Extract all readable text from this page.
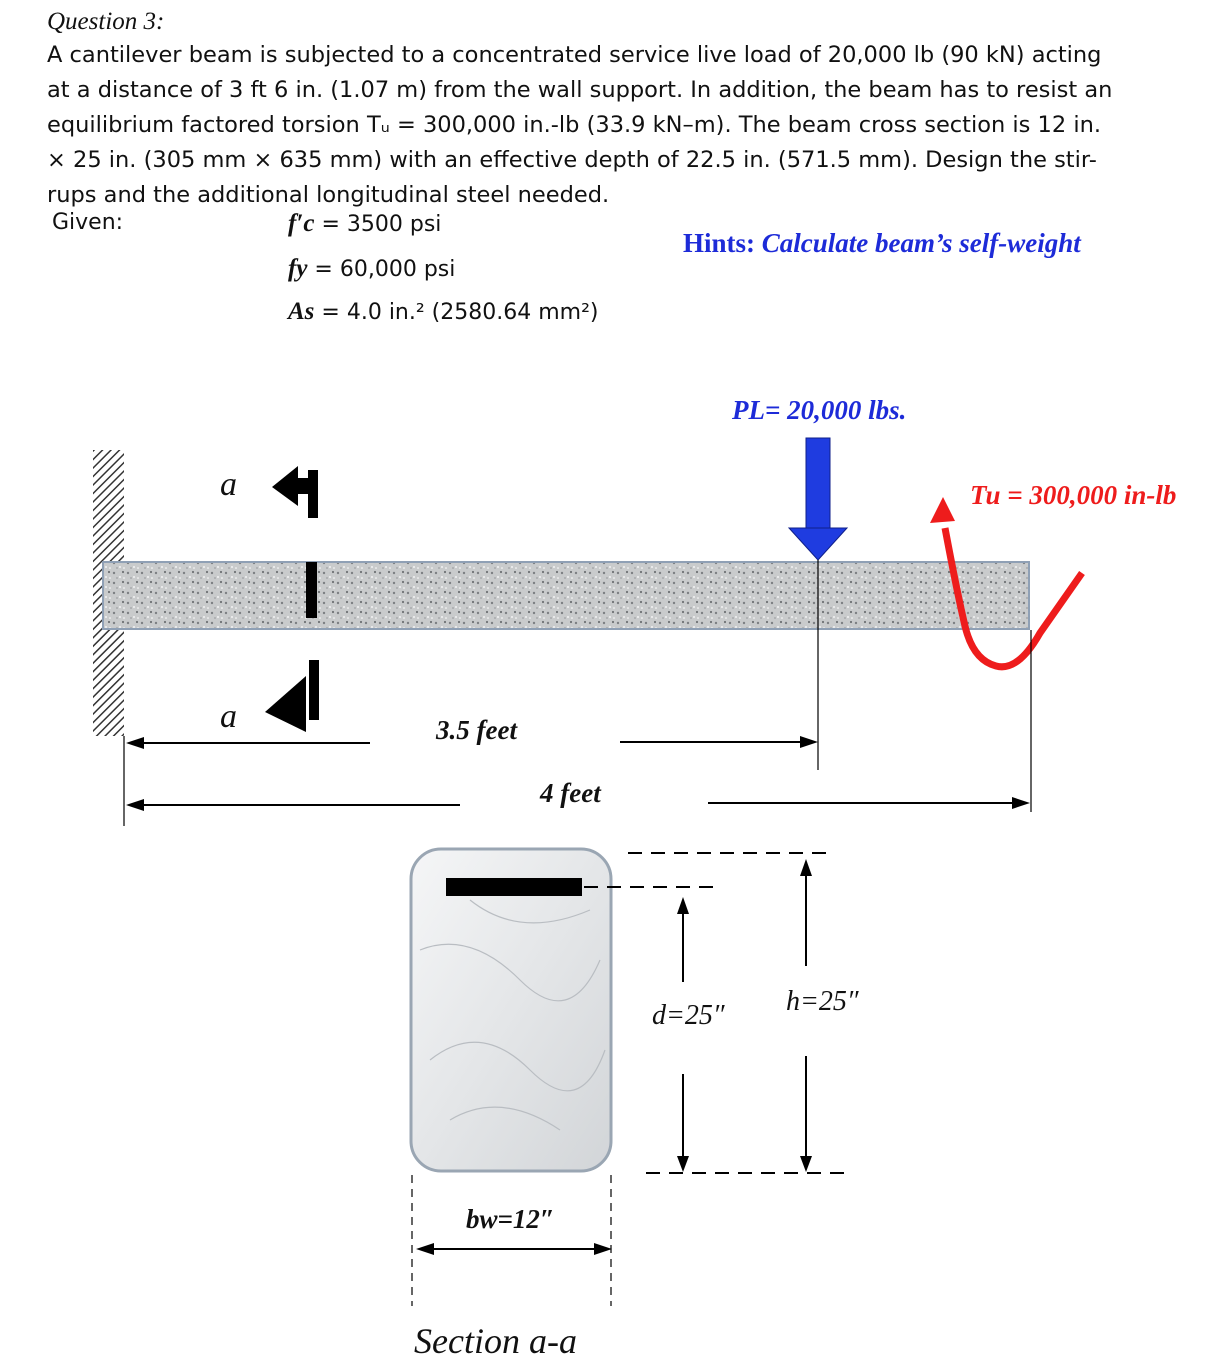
Question 3:
A cantilever beam is subjected to a concentrated service live load of 20,000 lb (90 kN) acting
at a distance of 3 ft 6 in. (1.07 m) from the wall support. In addition, the beam has to resist an
equilibrium factored torsion Tᵤ = 300,000 in.-lb (33.9 kN–m). The beam cross section is 12 in.
× 25 in. (305 mm × 635 mm) with an effective depth of 22.5 in. (571.5 mm). Design the stir-
rups and the additional longitudinal steel needed.
Given:	f′c = 3500 psi
fy = 60,000 psi
As = 4.0 in.² (2580.64 mm²)
Hints: Calculate beam’s self-weight
PL= 20,000 lbs.
Tu = 300,000 in-lb
a
a	3.5 feet
4 feet
d=25″ h=25″
bw=12″
Section a-a
